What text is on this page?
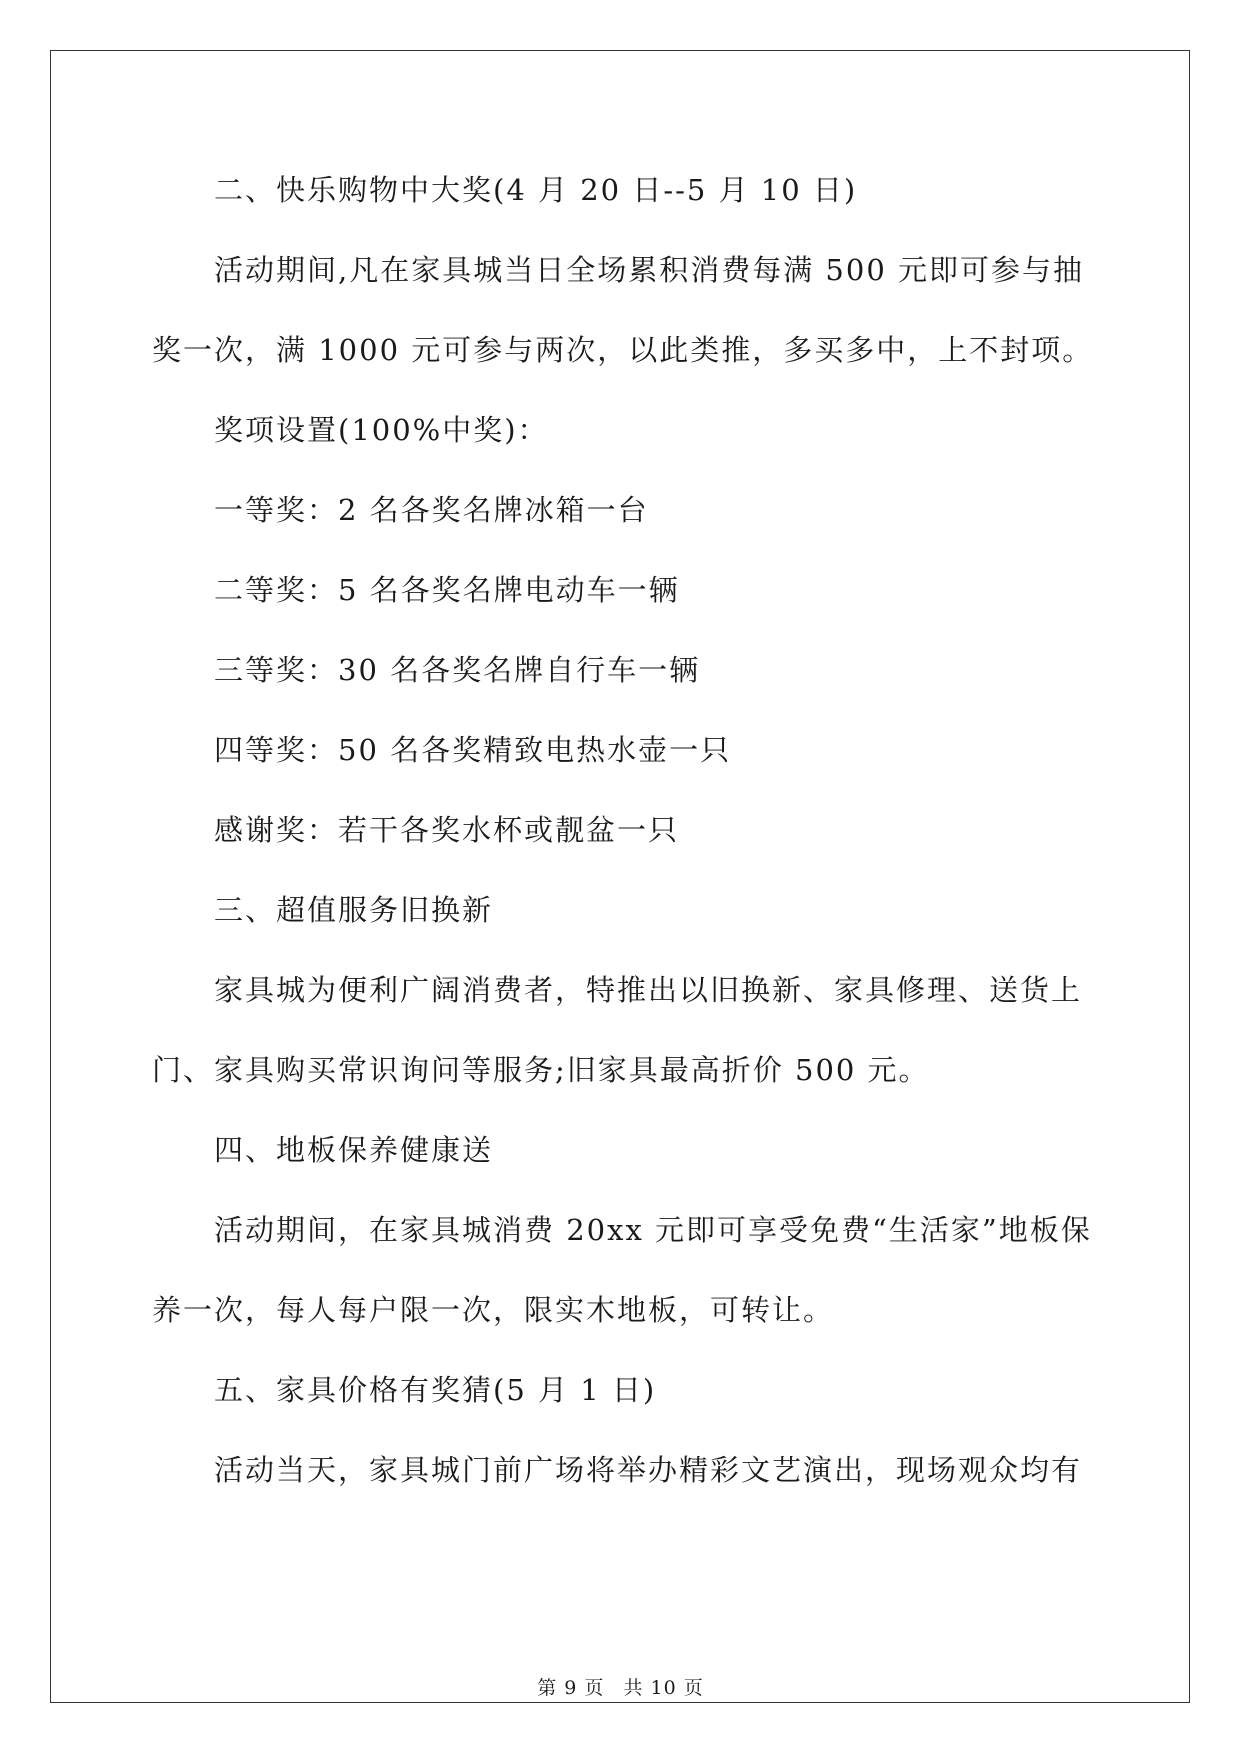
二、快乐购物中大奖(4 月 20 日--5 月 10 日)

活动期间,凡在家具城当日全场累积消费每满 500 元即可参与抽

奖一次，满 1000 元可参与两次，以此类推，多买多中，上不封项。

奖项设置(100%中奖)：

一等奖：2 名各奖名牌冰箱一台

二等奖：5 名各奖名牌电动车一辆

三等奖：30 名各奖名牌自行车一辆

四等奖：50 名各奖精致电热水壶一只

感谢奖：若干各奖水杯或靓盆一只

三、超值服务旧换新

家具城为便利广阔消费者，特推出以旧换新、家具修理、送货上

门、家具购买常识询问等服务;旧家具最高折价 500 元。

四、地板保养健康送

活动期间，在家具城消费 20xx 元即可享受免费“生活家”地板保

养一次，每人每户限一次，限实木地板，可转让。

五、家具价格有奖猜(5 月 1 日)

活动当天，家具城门前广场将举办精彩文艺演出，现场观众均有

第 9 页 共 10 页
